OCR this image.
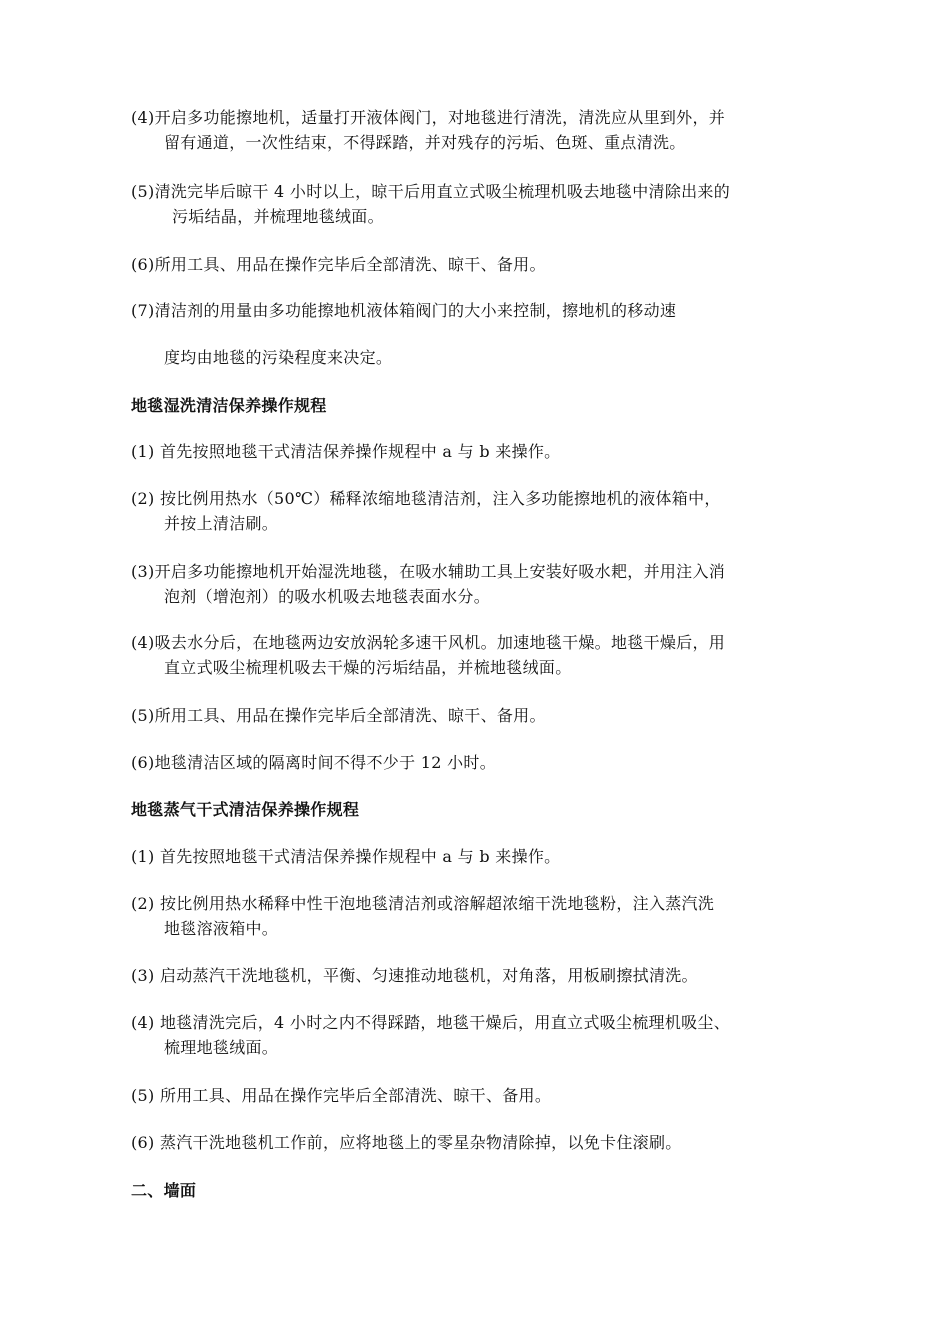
(4)开启多功能擦地机，适量打开液体阀门，对地毯进行清洗，清洗应从里到外，并
留有通道，一次性结束，不得踩踏，并对残存的污垢、色斑、重点清洗。
(5)清洗完毕后晾干 4 小时以上，晾干后用直立式吸尘梳理机吸去地毯中清除出来的
污垢结晶，并梳理地毯绒面。
(6)所用工具、用品在操作完毕后全部清洗、晾干、备用。
(7)清洁剂的用量由多功能擦地机液体箱阀门的大小来控制，擦地机的移动速
度均由地毯的污染程度来决定。
地毯湿洗清洁保养操作规程
(1) 首先按照地毯干式清洁保养操作规程中 a 与 b 来操作。
(2) 按比例用热水（50℃）稀释浓缩地毯清洁剂，注入多功能擦地机的液体箱中，
并按上清洁刷。
(3)开启多功能擦地机开始湿洗地毯，在吸水辅助工具上安装好吸水耙，并用注入消
泡剂（增泡剂）的吸水机吸去地毯表面水分。
(4)吸去水分后，在地毯两边安放涡轮多速干风机。加速地毯干燥。地毯干燥后，用
直立式吸尘梳理机吸去干燥的污垢结晶，并梳地毯绒面。
(5)所用工具、用品在操作完毕后全部清洗、晾干、备用。
(6)地毯清洁区域的隔离时间不得不少于 12 小时。
地毯蒸气干式清洁保养操作规程
(1) 首先按照地毯干式清洁保养操作规程中 a 与 b 来操作。
(2) 按比例用热水稀释中性干泡地毯清洁剂或溶解超浓缩干洗地毯粉，注入蒸汽洗
地毯溶液箱中。
(3) 启动蒸汽干洗地毯机，平衡、匀速推动地毯机，对角落，用板刷擦拭清洗。
(4) 地毯清洗完后，4 小时之内不得踩踏，地毯干燥后，用直立式吸尘梳理机吸尘、
梳理地毯绒面。
(5) 所用工具、用品在操作完毕后全部清洗、晾干、备用。
(6) 蒸汽干洗地毯机工作前，应将地毯上的零星杂物清除掉，以免卡住滚刷。
二、墙面
